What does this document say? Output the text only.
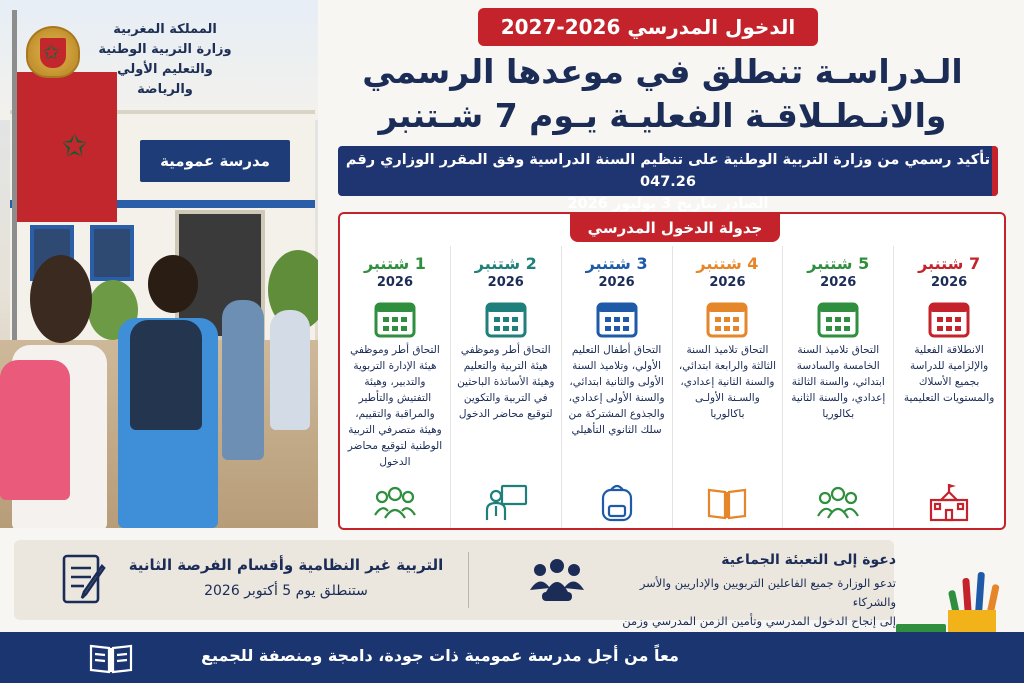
مدرسة عمومية
✩
✩
المملكة المغربية
وزارة التربية الوطنية
والتعليم الأولي والرياضة
الدخول المدرسي 2026-2027
الـدراسـة تنطلق في موعدها الرسمي
والانـطـلاقـة الفعليـة يـوم 7 شـتنبر
تأكيد رسمي من وزارة التربية الوطنية على تنظيم السنة الدراسية وفق المقرر الوزاري رقم 047.26
الصادر بتاريخ 3 يوليوز 2026
جدولة الدخول المدرسي
7 شتنبر
2026
الانطلاقة الفعلية والإلزامية للدراسة بجميع الأسلاك والمستويات التعليمية
5 شتنبر
2026
التحاق تلاميذ السنة الخامسة والسادسة ابتدائي، والسنة الثالثة إعدادي، والسنة الثانية بكالوريا
4 شتنبر
2026
التحاق تلاميذ السنة الثالثة والرابعة ابتدائي، والسنة الثانية إعدادي، والسـنة الأولـى باكالوريا
3 شتنبر
2026
التحاق أطفال التعليم الأولي، وتلاميذ السنة الأولى والثانية ابتدائي، والسنة الأولى إعدادي، والجذوع المشتركة من سلك الثانوي التأهيلي
2 شتنبر
2026
التحاق أطر وموظفي هيئة التربية والتعليم وهيئة الأساتذة الباحثين في التربية والتكوين لتوقيع محاضر الدخول
1 شتنبر
2026
التحاق أطر وموظفي هيئة الإدارة التربوية والتدبير، وهيئة التفتيش والتأطير والمراقبة والتقييم، وهيئة متصرفي التربية الوطنية لتوقيع محاضر الدخول
التربية غير النظامية وأقسام الفرصة الثانية
ستنطلق يوم 5 أكتوبر 2026
دعوة إلى التعبئة الجماعية
تدعو الوزارة جميع الفاعلين التربويين والإداريين والأسر والشركاء
إلى إنجاح الدخول المدرسي وتأمين الزمن المدرسي وزمن
معاً من أجل مدرسة عمومية ذات جودة، دامجة ومنصفة للجميع
